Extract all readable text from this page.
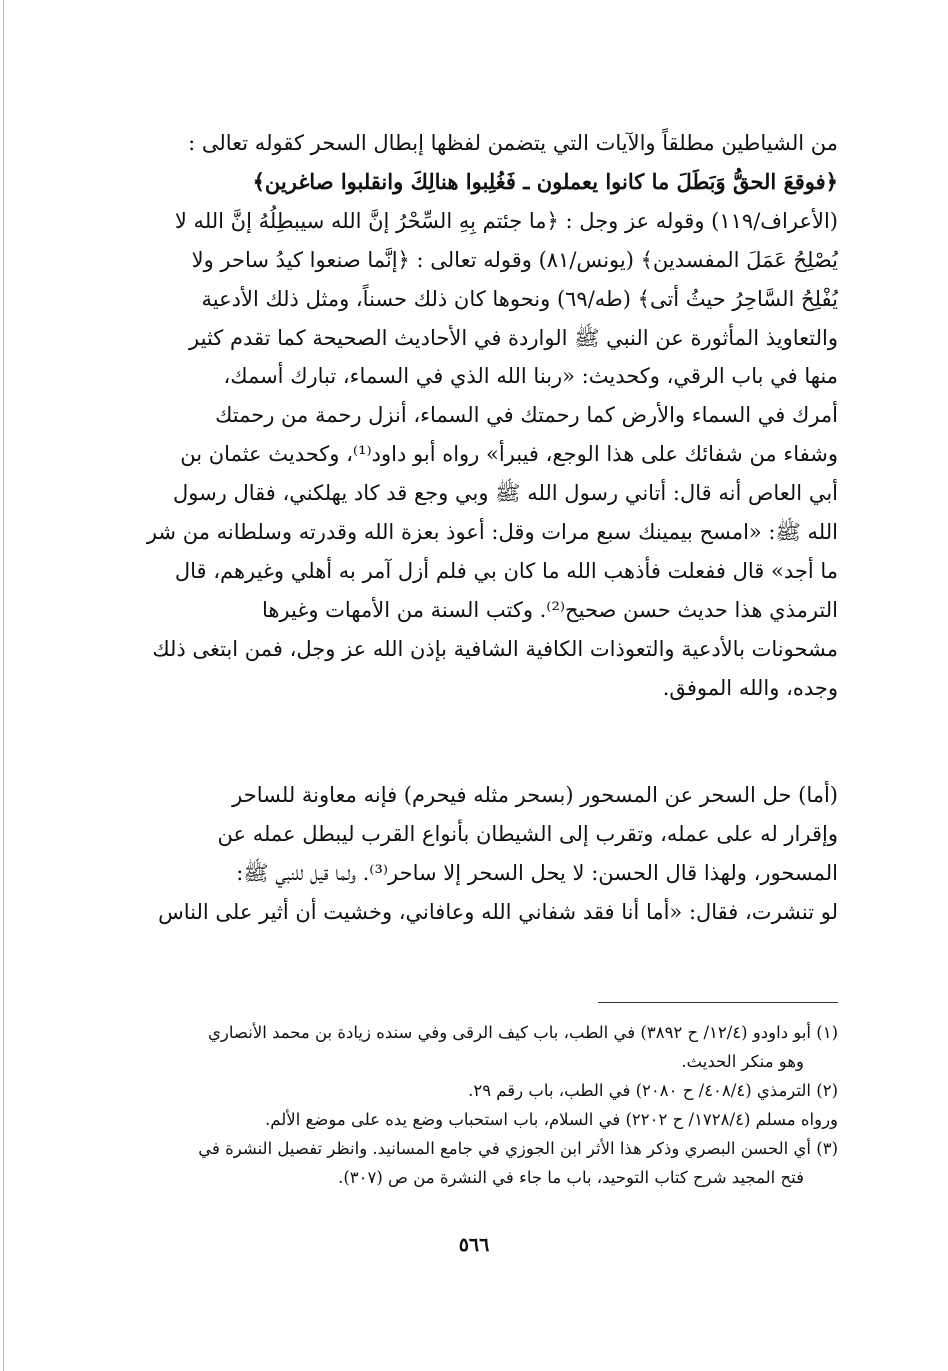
من الشياطين مطلقاً والآيات التي يتضمن لفظها إبطال السحر كقوله تعالى :
﴿فوقعَ الحقُّ وَبَطَلَ ما كانوا يعملون ـ فَغُلِبوا هنالِكَ وانقلبوا صاغرين﴾
(الأعراف/١١٩) وقوله عز وجل : ﴿ما جئتم بِهِ السِّحْرُ إنَّ الله سيبطِلُهُ إنَّ الله لا
يُصْلِحُ عَمَلَ المفسدين﴾ (يونس/٨١) وقوله تعالى : ﴿إنَّما صنعوا كيدُ ساحر ولا
يُفْلِحُ السَّاحِرُ حيثُ أتى﴾ (طه/٦٩) ونحوها كان ذلك حسناً، ومثل ذلك الأدعية
والتعاويذ المأثورة عن النبي ﷺ الواردة في الأحاديث الصحيحة كما تقدم كثير
منها في باب الرقي، وكحديث: «ربنا الله الذي في السماء، تبارك أسمك،
أمرك في السماء والأرض كما رحمتك في السماء، أنزل رحمة من رحمتك
وشفاء من شفائك على هذا الوجع، فيبرأ» رواه أبو داود⁽¹⁾، وكحديث عثمان بن
أبي العاص أنه قال: أتاني رسول الله ﷺ وبي وجع قد كاد يهلكني، فقال رسول
الله ﷺ: «امسح بيمينك سبع مرات وقل: أعوذ بعزة الله وقدرته وسلطانه من شر
ما أجد» قال ففعلت فأذهب الله ما كان بي فلم أزل آمر به أهلي وغيرهم، قال
الترمذي هذا حديث حسن صحيح⁽²⁾. وكتب السنة من الأمهات وغيرها
مشحونات بالأدعية والتعوذات الكافية الشافية بإذن الله عز وجل، فمن ابتغى ذلك
وجده، والله الموفق.
(أما) حل السحر عن المسحور (بسحر مثله فيحرم) فإنه معاونة للساحر
وإقرار له على عمله، وتقرب إلى الشيطان بأنواع القرب ليبطل عمله عن
المسحور، ولهذا قال الحسن: لا يحل السحر إلا ساحر⁽³⁾. ولما قيل للنبي ﷺ:
لو تنشرت، فقال: «أما أنا فقد شفاني الله وعافاني، وخشيت أن أثير على الناس
(١) أبو داودو (١٢/٤/ ح ٣٨٩٢) في الطب، باب كيف الرقى وفي سنده زيادة بن محمد الأنصاري
وهو منكر الحديث.
(٢) الترمذي (٤٠٨/٤/ ح ٢٠٨٠) في الطب، باب رقم ٢٩.
ورواه مسلم (١٧٢٨/٤/ ح ٢٢٠٢) في السلام، باب استحباب وضع يده على موضع الألم.
(٣) أي الحسن البصري وذكر هذا الأثر ابن الجوزي في جامع المسانيد. وانظر تفصيل النشرة في
فتح المجيد شرح كتاب التوحيد، باب ما جاء في النشرة من ص (٣٠٧).
٥٦٦
